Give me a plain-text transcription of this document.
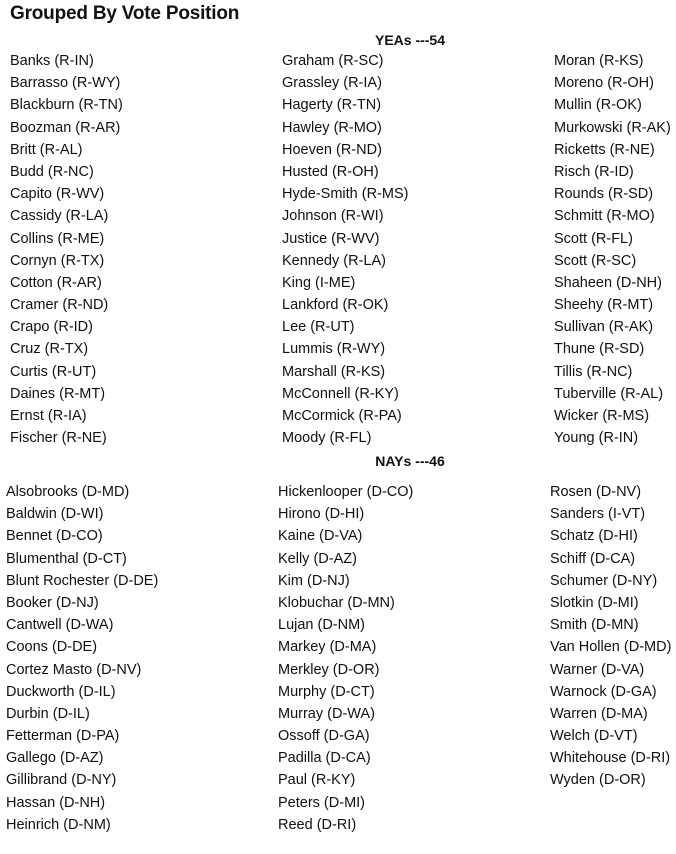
Grouped By Vote Position
YEAs ---54
Banks (R-IN)
Barrasso (R-WY)
Blackburn (R-TN)
Boozman (R-AR)
Britt (R-AL)
Budd (R-NC)
Capito (R-WV)
Cassidy (R-LA)
Collins (R-ME)
Cornyn (R-TX)
Cotton (R-AR)
Cramer (R-ND)
Crapo (R-ID)
Cruz (R-TX)
Curtis (R-UT)
Daines (R-MT)
Ernst (R-IA)
Fischer (R-NE)
Graham (R-SC)
Grassley (R-IA)
Hagerty (R-TN)
Hawley (R-MO)
Hoeven (R-ND)
Husted (R-OH)
Hyde-Smith (R-MS)
Johnson (R-WI)
Justice (R-WV)
Kennedy (R-LA)
King (I-ME)
Lankford (R-OK)
Lee (R-UT)
Lummis (R-WY)
Marshall (R-KS)
McConnell (R-KY)
McCormick (R-PA)
Moody (R-FL)
Moran (R-KS)
Moreno (R-OH)
Mullin (R-OK)
Murkowski (R-AK)
Ricketts (R-NE)
Risch (R-ID)
Rounds (R-SD)
Schmitt (R-MO)
Scott (R-FL)
Scott (R-SC)
Shaheen (D-NH)
Sheehy (R-MT)
Sullivan (R-AK)
Thune (R-SD)
Tillis (R-NC)
Tuberville (R-AL)
Wicker (R-MS)
Young (R-IN)
NAYs ---46
Alsobrooks (D-MD)
Baldwin (D-WI)
Bennet (D-CO)
Blumenthal (D-CT)
Blunt Rochester (D-DE)
Booker (D-NJ)
Cantwell (D-WA)
Coons (D-DE)
Cortez Masto (D-NV)
Duckworth (D-IL)
Durbin (D-IL)
Fetterman (D-PA)
Gallego (D-AZ)
Gillibrand (D-NY)
Hassan (D-NH)
Heinrich (D-NM)
Hickenlooper (D-CO)
Hirono (D-HI)
Kaine (D-VA)
Kelly (D-AZ)
Kim (D-NJ)
Klobuchar (D-MN)
Lujan (D-NM)
Markey (D-MA)
Merkley (D-OR)
Murphy (D-CT)
Murray (D-WA)
Ossoff (D-GA)
Padilla (D-CA)
Paul (R-KY)
Peters (D-MI)
Reed (D-RI)
Rosen (D-NV)
Sanders (I-VT)
Schatz (D-HI)
Schiff (D-CA)
Schumer (D-NY)
Slotkin (D-MI)
Smith (D-MN)
Van Hollen (D-MD)
Warner (D-VA)
Warnock (D-GA)
Warren (D-MA)
Welch (D-VT)
Whitehouse (D-RI)
Wyden (D-OR)
